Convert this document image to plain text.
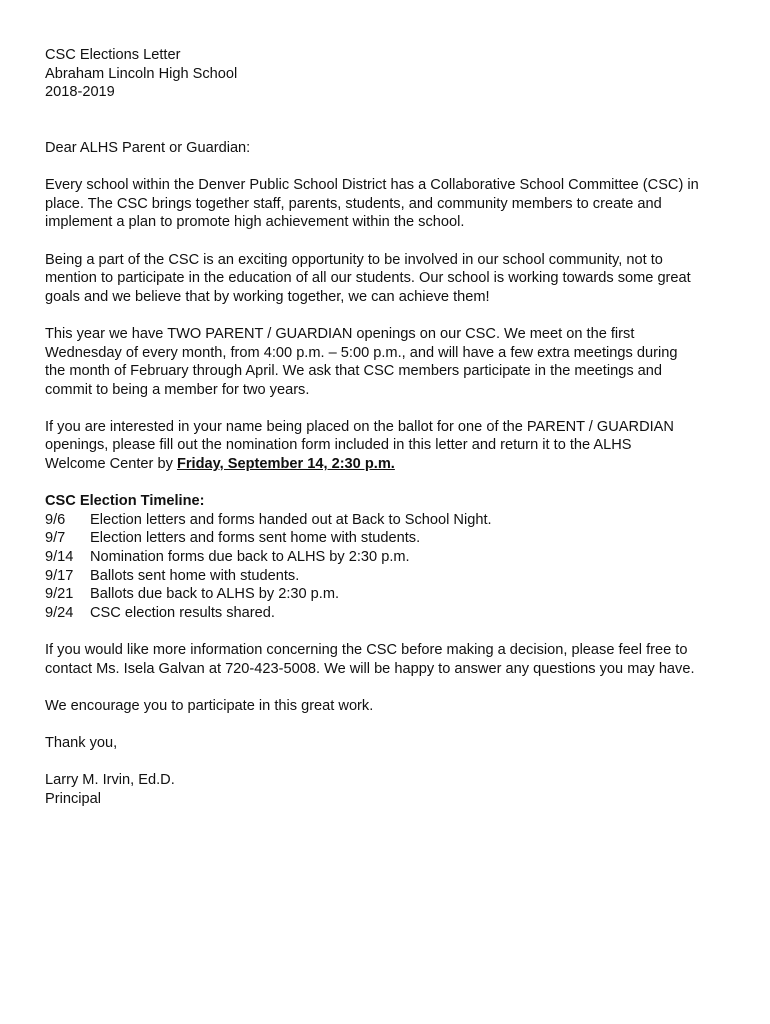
CSC Elections Letter
Abraham Lincoln High School
2018-2019
Dear ALHS Parent or Guardian:
Every school within the Denver Public School District has a Collaborative School Committee (CSC) in
place. The CSC brings together staff, parents, students, and community members to create and
implement a plan to promote high achievement within the school.
Being a part of the CSC is an exciting opportunity to be involved in our school community, not to
mention to participate in the education of all our students. Our school is working towards some great
goals and we believe that by working together, we can achieve them!
This year we have TWO PARENT / GUARDIAN openings on our CSC. We meet on the first
Wednesday of every month, from 4:00 p.m. – 5:00 p.m., and will have a few extra meetings during
the month of February through April. We ask that CSC members participate in the meetings and
commit to being a member for two years.
If you are interested in your name being placed on the ballot for one of the PARENT / GUARDIAN
openings, please fill out the nomination form included in this letter and return it to the ALHS
Welcome Center by Friday, September 14, 2:30 p.m.
CSC Election Timeline:
9/6	Election letters and forms handed out at Back to School Night.
9/7	Election letters and forms sent home with students.
9/14	Nomination forms due back to ALHS by 2:30 p.m.
9/17	Ballots sent home with students.
9/21	Ballots due back to ALHS by 2:30 p.m.
9/24	CSC election results shared.
If you would like more information concerning the CSC before making a decision, please feel free to
contact Ms. Isela Galvan at 720-423-5008. We will be happy to answer any questions you may have.
We encourage you to participate in this great work.
Thank you,
Larry M. Irvin, Ed.D.
Principal
